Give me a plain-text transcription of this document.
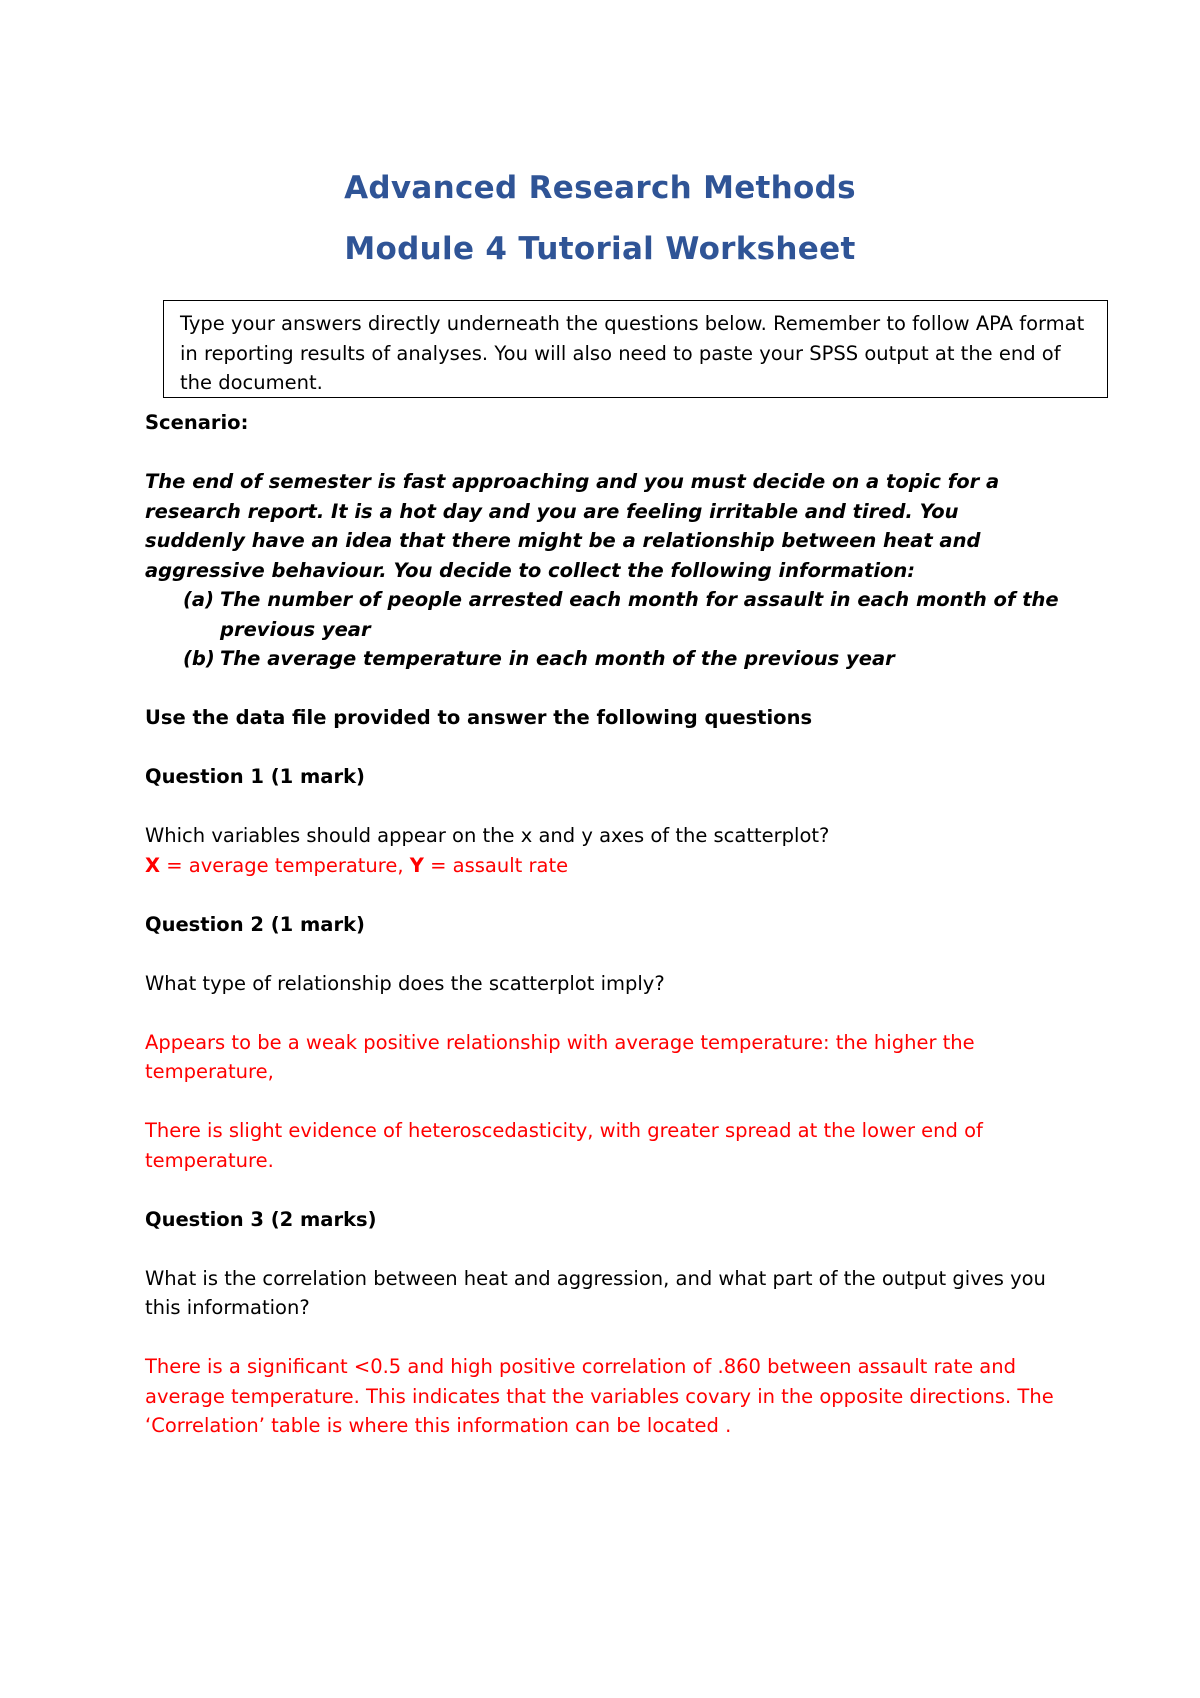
Advanced Research Methods
Module 4 Tutorial Worksheet
Type your answers directly underneath the questions below. Remember to follow APA format in reporting results of analyses. You will also need to paste your SPSS output at the end of the document.

Scenario:

The end of semester is fast approaching and you must decide on a topic for a research report. It is a hot day and you are feeling irritable and tired. You suddenly have an idea that there might be a relationship between heat and aggressive behaviour. You decide to collect the following information:

(a) The number of people arrested each month for assault in each month of the previous year
(b) The average temperature in each month of the previous year

Use the data file provided to answer the following questions

Question 1 (1 mark)

Which variables should appear on the x and y axes of the scatterplot?

X = average temperature, Y = assault rate

Question 2 (1 mark)

What type of relationship does the scatterplot imply?

Appears to be a weak positive relationship with average temperature: the higher the temperature,

There is slight evidence of heteroscedasticity, with greater spread at the lower end of temperature.

Question 3 (2 marks)

What is the correlation between heat and aggression, and what part of the output gives you this information?

There is a significant <0.5 and high positive correlation of .860 between assault rate and average temperature. This indicates that the variables covary in the opposite directions. The ‘Correlation’ table is where this information can be located .
